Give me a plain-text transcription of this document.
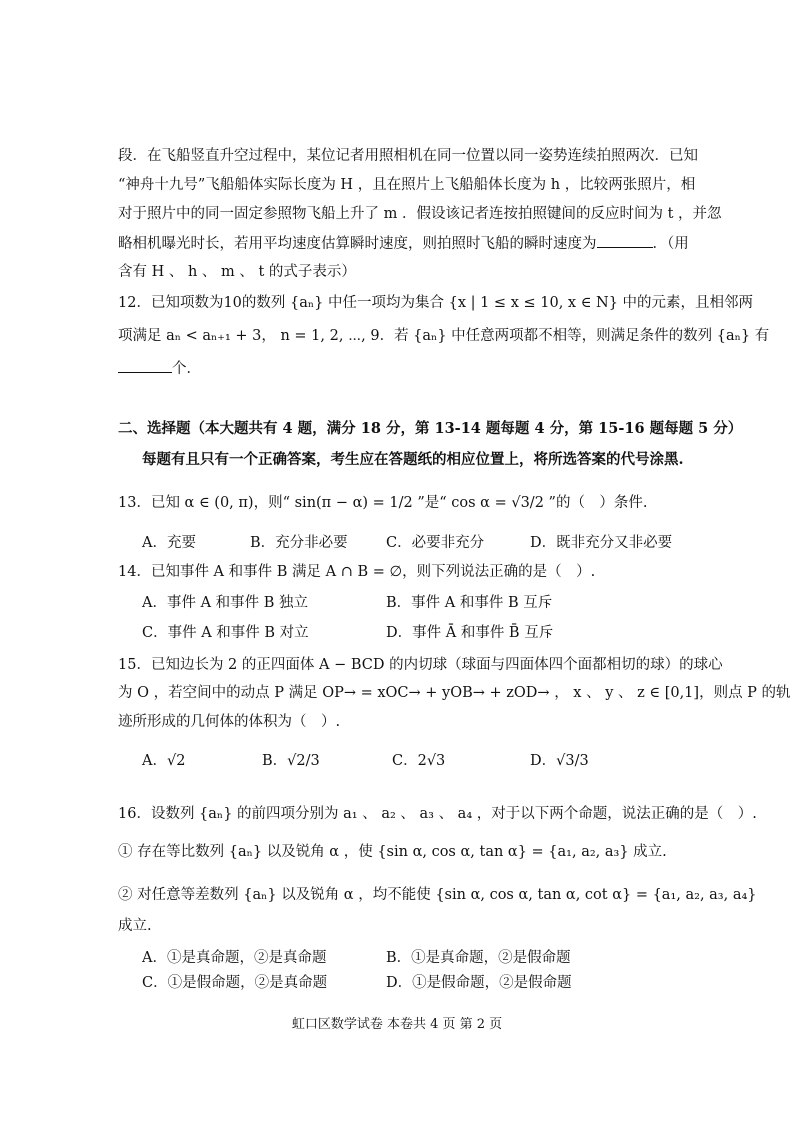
段．在飞船竖直升空过程中，某位记者用照相机在同一位置以同一姿势连续拍照两次．已知
“神舟十九号”飞船船体实际长度为 H ，且在照片上飞船船体长度为 h ，比较两张照片，相
对于照片中的同一固定参照物飞船上升了 m ．假设该记者连按拍照键间的反应时间为 t ，并忽
略相机曝光时长，若用平均速度估算瞬时速度，则拍照时飞船的瞬时速度为	．（用
含有 H 、 h 、 m 、 t 的式子表示）
12．已知项数为10的数列 {aₙ} 中任一项均为集合 {x | 1 ≤ x ≤ 10, x ∈ N} 中的元素，且相邻两
项满足 aₙ < aₙ₊₁ + 3， n = 1, 2, ⋯, 9．若 {aₙ} 中任意两项都不相等，则满足条件的数列 {aₙ} 有
个．
二、选择题（本大题共有 4 题，满分 18 分，第 13-14 题每题 4 分，第 15-16 题每题 5 分）
每题有且只有一个正确答案，考生应在答题纸的相应位置上，将所选答案的代号涂黑.
13．已知 α ∈ (0, π)，则“ sin(π − α) = 1/2 ”是“ cos α = √3/2 ”的（　）条件.
A．充要	B．充分非必要	C．必要非充分	D．既非充分又非必要
14．已知事件 A 和事件 B 满足 A ∩ B = ∅，则下列说法正确的是（　）.
A．事件 A 和事件 B 独立	B．事件 A 和事件 B 互斥
C．事件 A 和事件 B 对立	D．事件 Ā 和事件 B̄ 互斥
15．已知边长为 2 的正四面体 A − BCD 的内切球（球面与四面体四个面都相切的球）的球心
为 O ，若空间中的动点 P 满足 OP→ = xOC→ + yOB→ + zOD→ ， x 、 y 、 z ∈ [0,1]，则点 P 的轨
迹所形成的几何体的体积为（　）.
A．√2	B．√2/3	C．2√3	D．√3/3
16．设数列 {aₙ} 的前四项分别为 a₁ 、 a₂ 、 a₃ 、 a₄ ，对于以下两个命题，说法正确的是（　）.
① 存在等比数列 {aₙ} 以及锐角 α ，使 {sin α, cos α, tan α} = {a₁, a₂, a₃} 成立.
② 对任意等差数列 {aₙ} 以及锐角 α ，均不能使 {sin α, cos α, tan α, cot α} = {a₁, a₂, a₃, a₄}
成立.
A．①是真命题，②是真命题	B．①是真命题，②是假命题
C．①是假命题，②是真命题	D．①是假命题，②是假命题
虹口区数学试卷 本卷共 4 页 第 2 页
